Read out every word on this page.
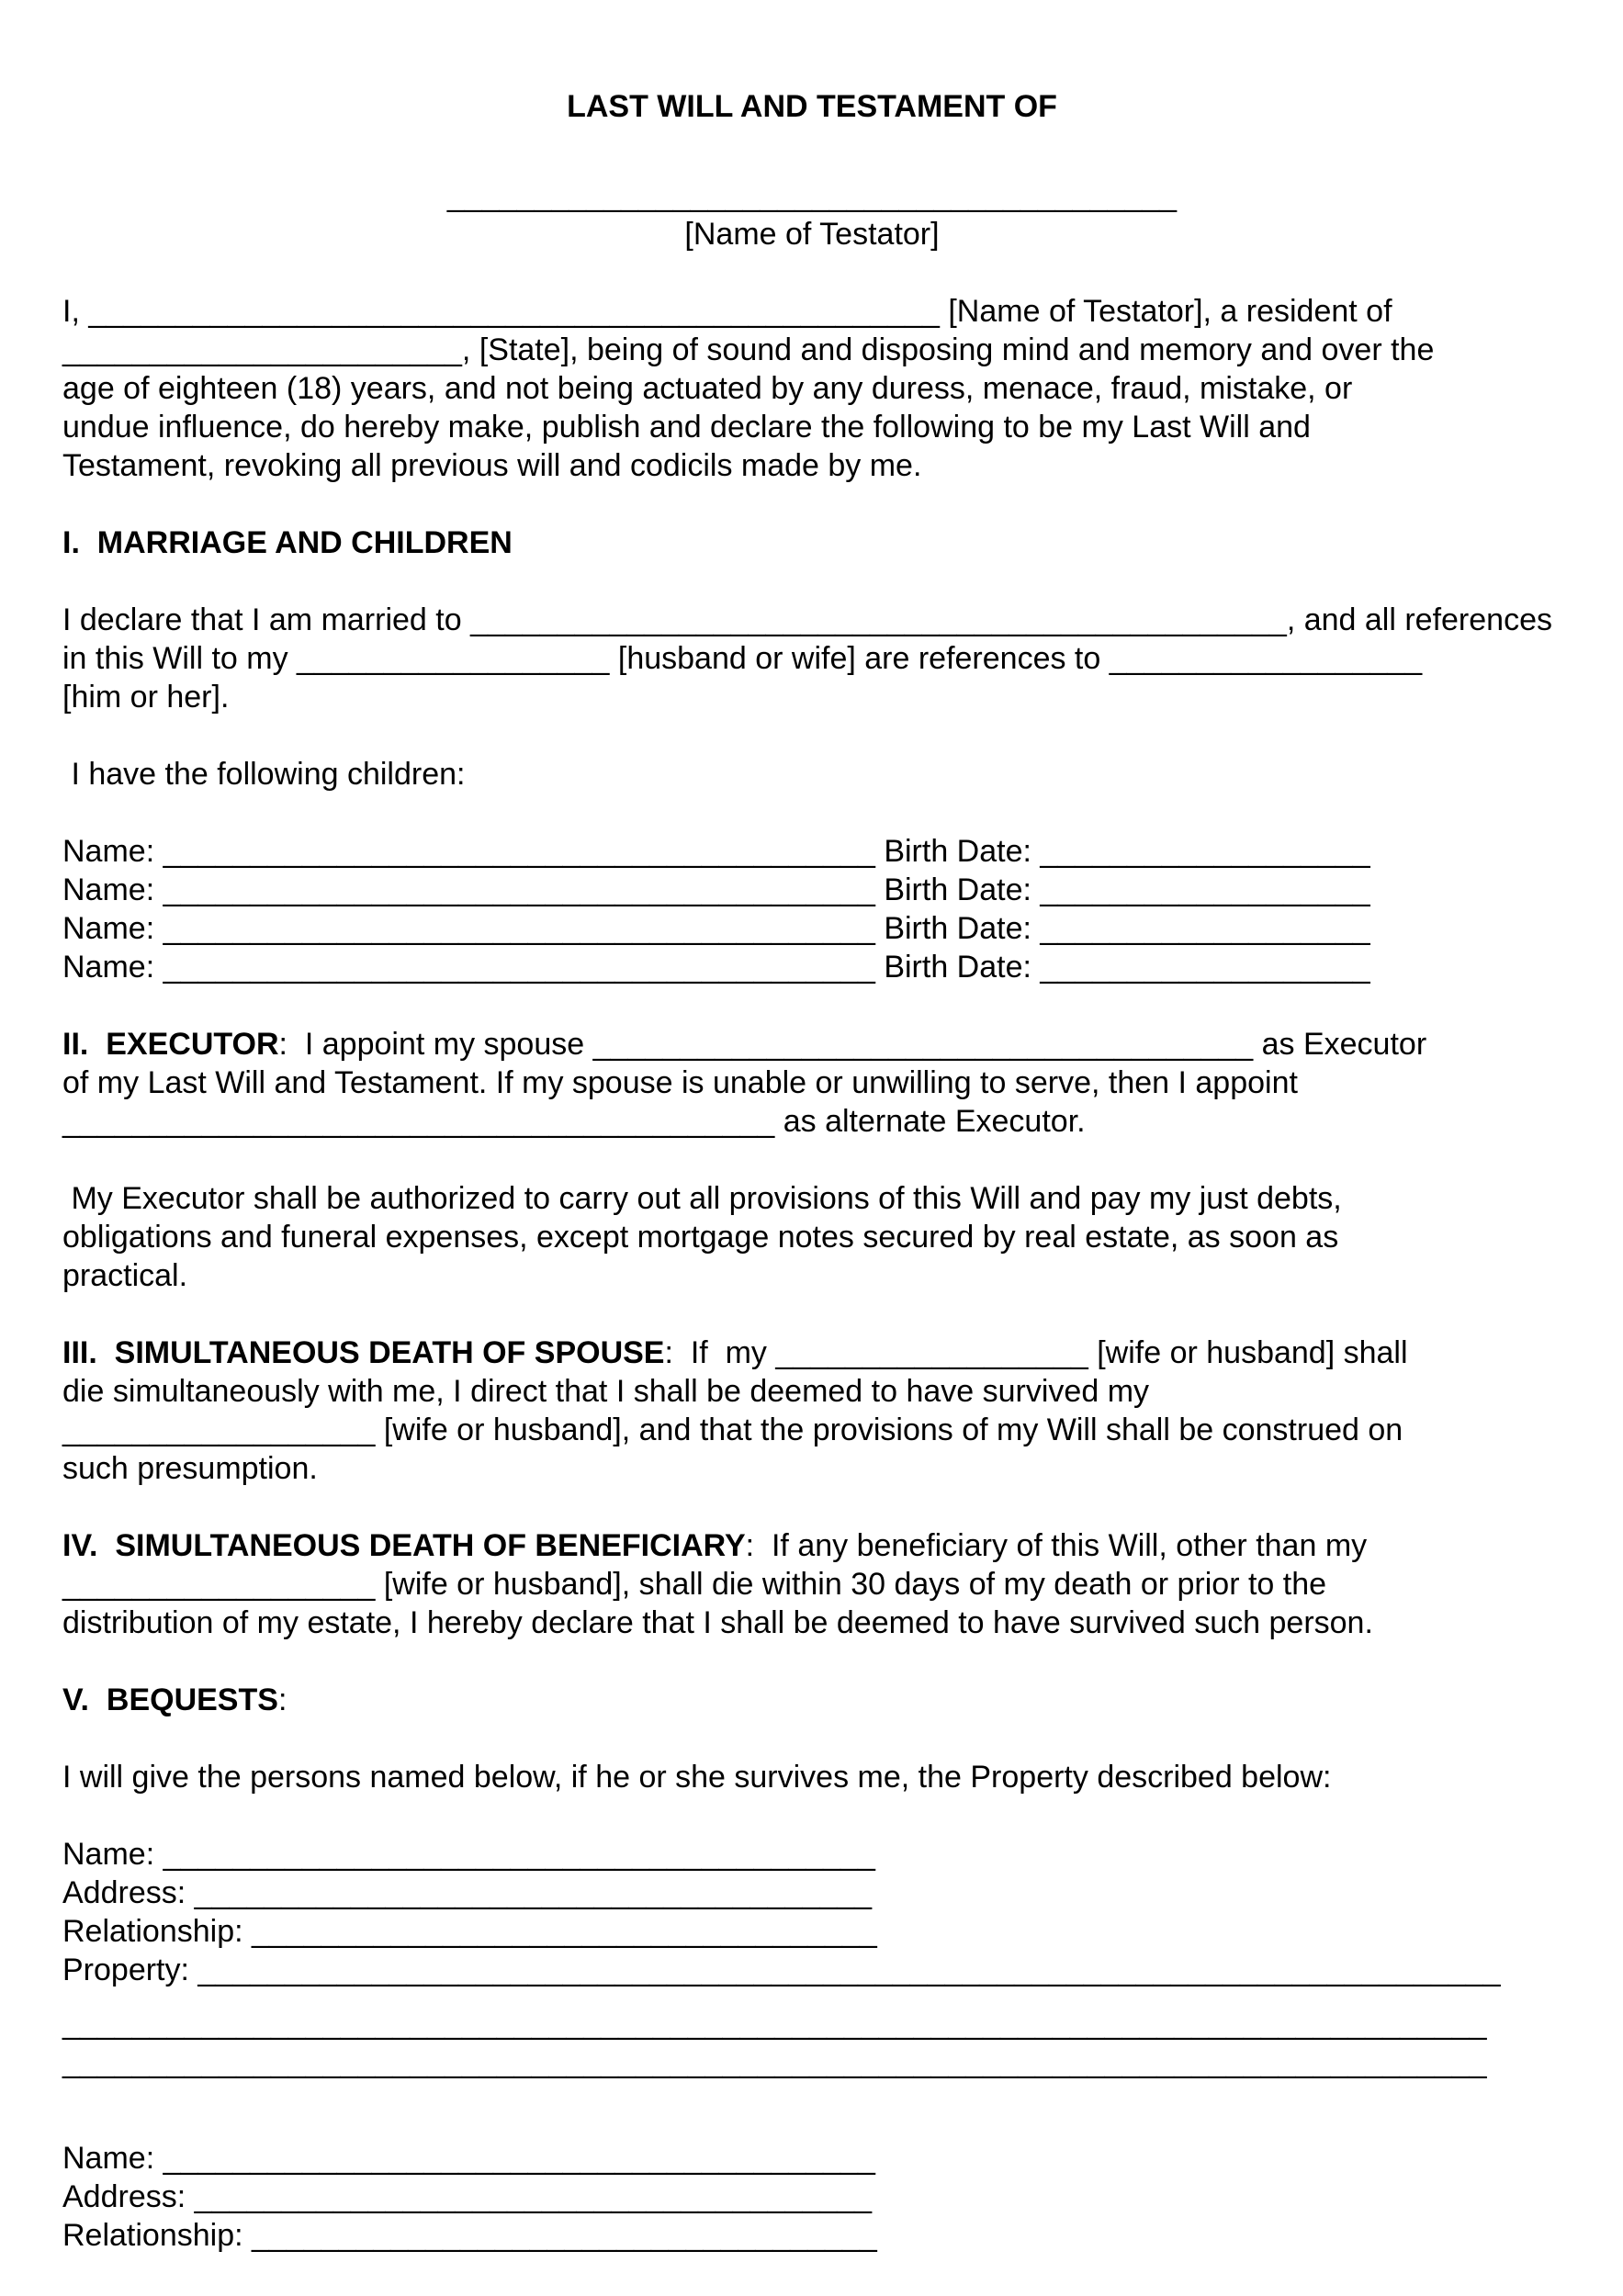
LAST WILL AND TESTAMENT OF
__________________________________________
[Name of Testator]
I, _________________________________________________ [Name of Testator], a resident of
_______________________, [State], being of sound and disposing mind and memory and over the
age of eighteen (18) years, and not being actuated by any duress, menace, fraud, mistake, or
undue influence, do hereby make, publish and declare the following to be my Last Will and
Testament, revoking all previous will and codicils made by me.
I.  MARRIAGE AND CHILDREN
I declare that I am married to _______________________________________________, and all references
in this Will to my __________________ [husband or wife] are references to __________________
[him or her].
I have the following children:
Name: _________________________________________ Birth Date: ___________________
Name: _________________________________________ Birth Date: ___________________
Name: _________________________________________ Birth Date: ___________________
Name: _________________________________________ Birth Date: ___________________
II.  EXECUTOR:  I appoint my spouse ______________________________________ as Executor
of my Last Will and Testament. If my spouse is unable or unwilling to serve, then I appoint
_________________________________________ as alternate Executor.
My Executor shall be authorized to carry out all provisions of this Will and pay my just debts,
obligations and funeral expenses, except mortgage notes secured by real estate, as soon as
practical.
III.  SIMULTANEOUS DEATH OF SPOUSE:  If  my __________________ [wife or husband] shall
die simultaneously with me, I direct that I shall be deemed to have survived my
__________________ [wife or husband], and that the provisions of my Will shall be construed on
such presumption.
IV.  SIMULTANEOUS DEATH OF BENEFICIARY:  If any beneficiary of this Will, other than my
__________________ [wife or husband], shall die within 30 days of my death or prior to the
distribution of my estate, I hereby declare that I shall be deemed to have survived such person.
V.  BEQUESTS:
I will give the persons named below, if he or she survives me, the Property described below:
Name: _________________________________________
Address: _______________________________________
Relationship: ____________________________________
Property: ___________________________________________________________________________
__________________________________________________________________________________
__________________________________________________________________________________
Name: _________________________________________
Address: _______________________________________
Relationship: ____________________________________
